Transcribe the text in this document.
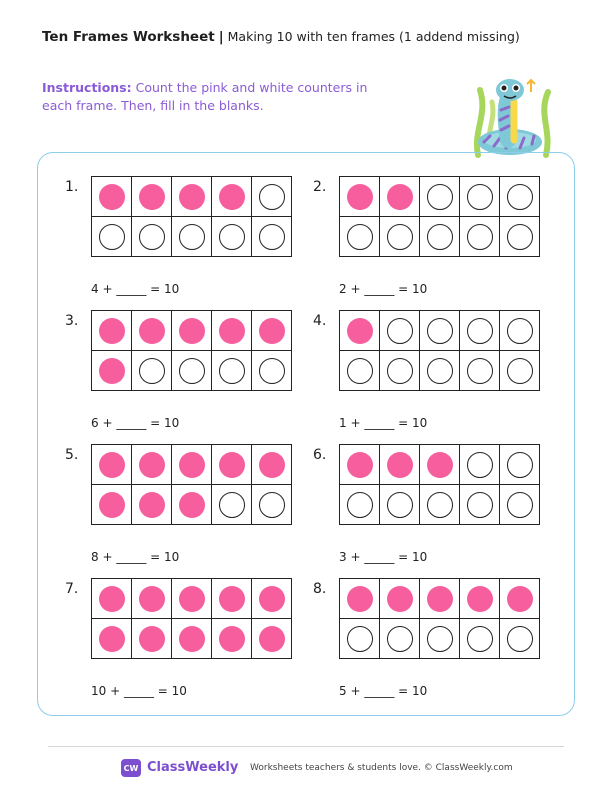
Ten Frames Worksheet | Making 10 with ten frames (1 addend missing)
Instructions: Count the pink and white counters in each frame. Then, fill in the blanks.
1.
4 + _____ = 10
2.
2 + _____ = 10
3.
6 + _____ = 10
4.
1 + _____ = 10
5.
8 + _____ = 10
6.
3 + _____ = 10
7.
10 + _____ = 10
8.
5 + _____ = 10
CW ClassWeekly Worksheets teachers & students love. © ClassWeekly.com
